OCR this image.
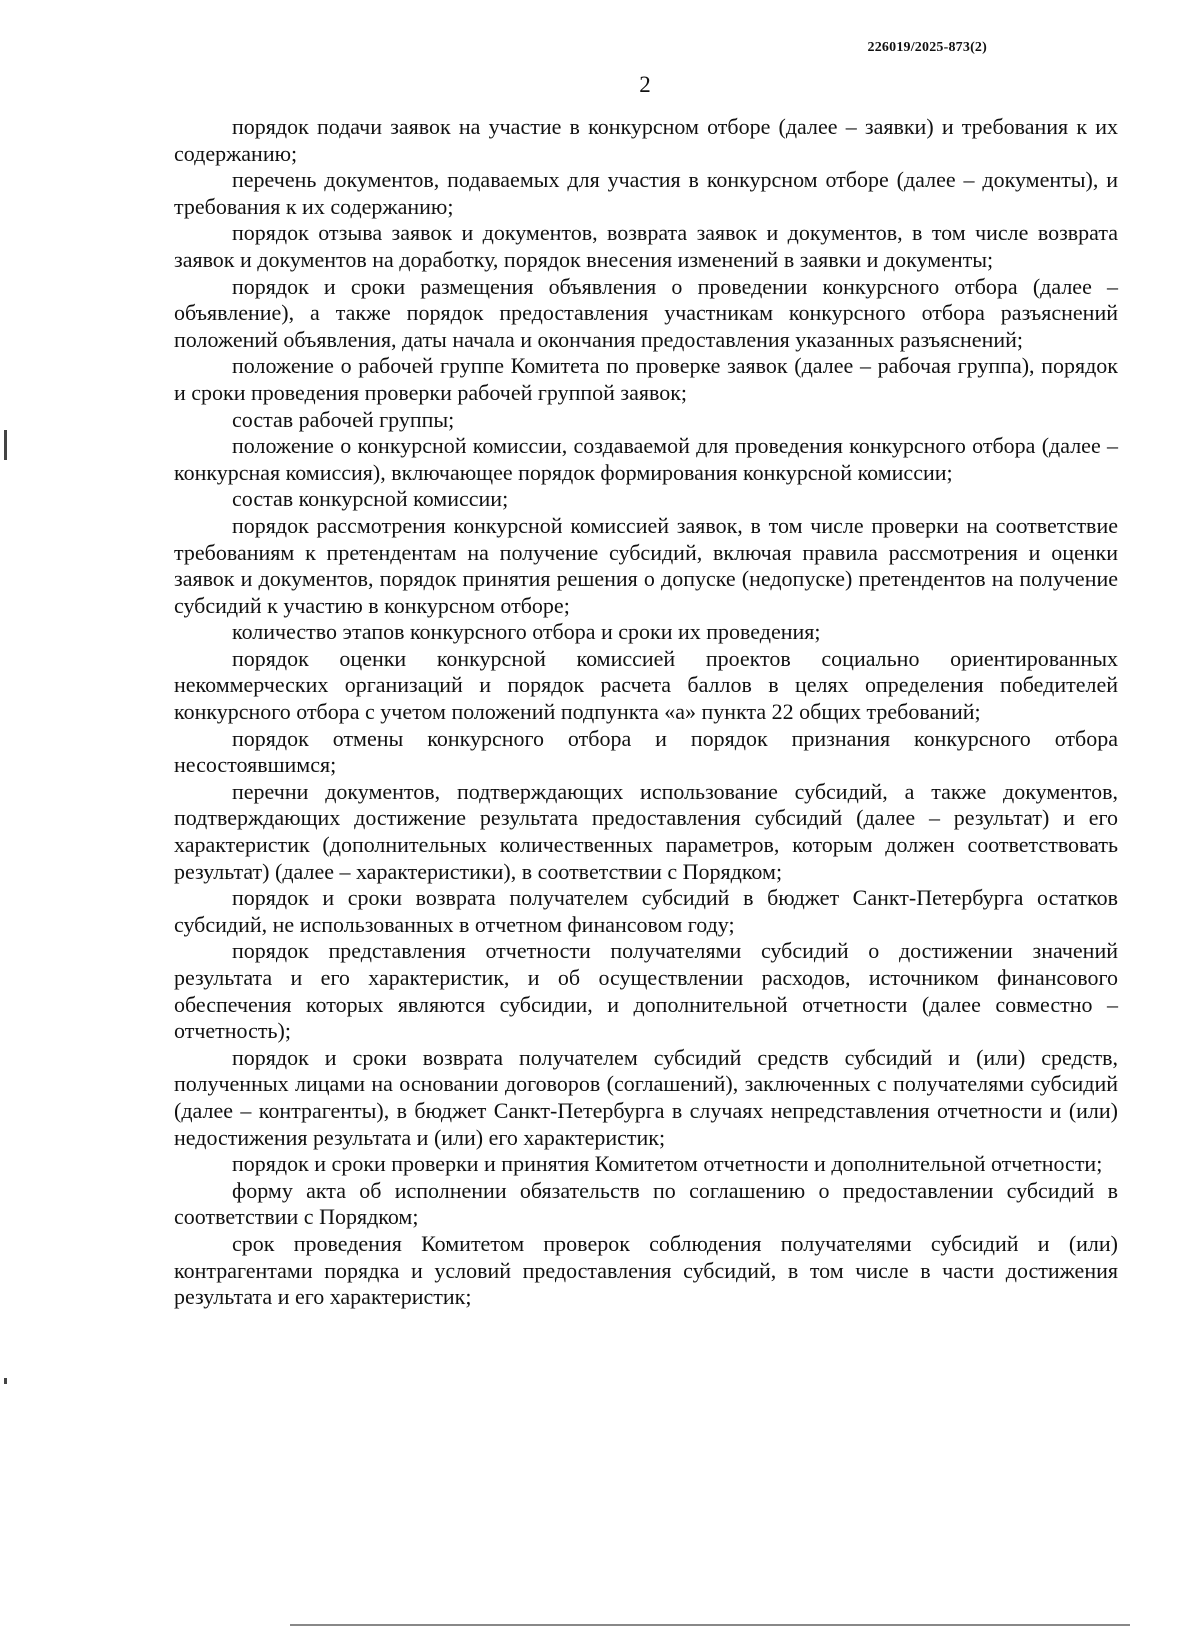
226019/2025-873(2)
2

порядок подачи заявок на участие в конкурсном отборе (далее – заявки) и требования к их содержанию;

перечень документов, подаваемых для участия в конкурсном отборе (далее – документы), и требования к их содержанию;

порядок отзыва заявок и документов, возврата заявок и документов, в том числе возврата заявок и документов на доработку, порядок внесения изменений в заявки и документы;

порядок и сроки размещения объявления о проведении конкурсного отбора (далее – объявление), а также порядок предоставления участникам конкурсного отбора разъяснений положений объявления, даты начала и окончания предоставления указанных разъяснений;

положение о рабочей группе Комитета по проверке заявок (далее – рабочая группа), порядок и сроки проведения проверки рабочей группой заявок;

состав рабочей группы;

положение о конкурсной комиссии, создаваемой для проведения конкурсного отбора (далее – конкурсная комиссия), включающее порядок формирования конкурсной комиссии;

состав конкурсной комиссии;

порядок рассмотрения конкурсной комиссией заявок, в том числе проверки на соответствие требованиям к претендентам на получение субсидий, включая правила рассмотрения и оценки заявок и документов, порядок принятия решения о допуске (недопуске) претендентов на получение субсидий к участию в конкурсном отборе;

количество этапов конкурсного отбора и сроки их проведения;

порядок оценки конкурсной комиссией проектов социально ориентированных некоммерческих организаций и порядок расчета баллов в целях определения победителей конкурсного отбора с учетом положений подпункта «а» пункта 22 общих требований;

порядок отмены конкурсного отбора и порядок признания конкурсного отбора несостоявшимся;

перечни документов, подтверждающих использование субсидий, а также документов, подтверждающих достижение результата предоставления субсидий (далее – результат) и его характеристик (дополнительных количественных параметров, которым должен соответствовать результат) (далее – характеристики), в соответствии с Порядком;

порядок и сроки возврата получателем субсидий в бюджет Санкт-Петербурга остатков субсидий, не использованных в отчетном финансовом году;

порядок представления отчетности получателями субсидий о достижении значений результата и его характеристик, и об осуществлении расходов, источником финансового обеспечения которых являются субсидии, и дополнительной отчетности (далее совместно – отчетность);

порядок и сроки возврата получателем субсидий средств субсидий и (или) средств, полученных лицами на основании договоров (соглашений), заключенных с получателями субсидий (далее – контрагенты), в бюджет Санкт-Петербурга в случаях непредставления отчетности и (или) недостижения результата и (или) его характеристик;

порядок и сроки проверки и принятия Комитетом отчетности и дополнительной отчетности;

форму акта об исполнении обязательств по соглашению о предоставлении субсидий в соответствии с Порядком;

срок проведения Комитетом проверок соблюдения получателями субсидий и (или) контрагентами порядка и условий предоставления субсидий, в том числе в части достижения результата и его характеристик;
